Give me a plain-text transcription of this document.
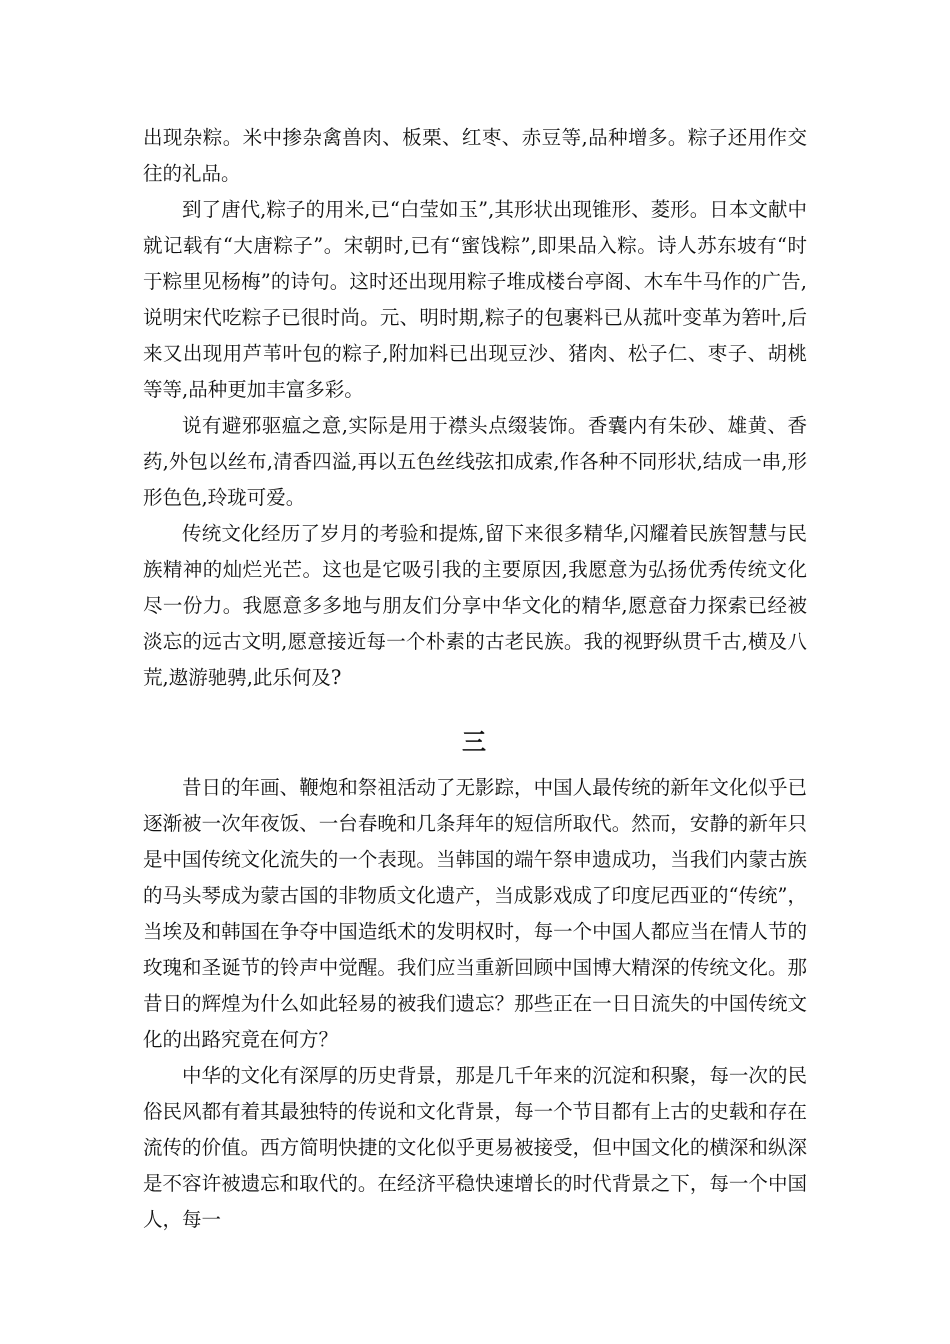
出现杂粽。米中掺杂禽兽肉、板栗、红枣、赤豆等,品种增多。粽子还用作交往的礼品。

到了唐代,粽子的用米,已“白莹如玉”,其形状出现锥形、菱形。日本文献中就记载有“大唐粽子”。宋朝时,已有“蜜饯粽”,即果品入粽。诗人苏东坡有“时于粽里见杨梅”的诗句。这时还出现用粽子堆成楼台亭阁、木车牛马作的广告,说明宋代吃粽子已很时尚。元、明时期,粽子的包裹料已从菰叶变革为箬叶,后来又出现用芦苇叶包的粽子,附加料已出现豆沙、猪肉、松子仁、枣子、胡桃等等,品种更加丰富多彩。

说有避邪驱瘟之意,实际是用于襟头点缀装饰。香囊内有朱砂、雄黄、香药,外包以丝布,清香四溢,再以五色丝线弦扣成索,作各种不同形状,结成一串,形形色色,玲珑可爱。

传统文化经历了岁月的考验和提炼,留下来很多精华,闪耀着民族智慧与民族精神的灿烂光芒。这也是它吸引我的主要原因,我愿意为弘扬优秀传统文化尽一份力。我愿意多多地与朋友们分享中华文化的精华,愿意奋力探索已经被淡忘的远古文明,愿意接近每一个朴素的古老民族。我的视野纵贯千古,横及八荒,遨游驰骋,此乐何及?

三

昔日的年画、鞭炮和祭祖活动了无影踪，中国人最传统的新年文化似乎已逐渐被一次年夜饭、一台春晚和几条拜年的短信所取代。然而，安静的新年只是中国传统文化流失的一个表现。当韩国的端午祭申遗成功，当我们内蒙古族的马头琴成为蒙古国的非物质文化遗产，当成影戏成了印度尼西亚的“传统”，当埃及和韩国在争夺中国造纸术的发明权时，每一个中国人都应当在情人节的玫瑰和圣诞节的铃声中觉醒。我们应当重新回顾中国博大精深的传统文化。那昔日的辉煌为什么如此轻易的被我们遗忘？那些正在一日日流失的中国传统文化的出路究竟在何方？

中华的文化有深厚的历史背景，那是几千年来的沉淀和积聚，每一次的民俗民风都有着其最独特的传说和文化背景，每一个节目都有上古的史载和存在流传的价值。西方简明快捷的文化似乎更易被接受，但中国文化的横深和纵深是不容许被遗忘和取代的。在经济平稳快速增长的时代背景之下，每一个中国人，每一
